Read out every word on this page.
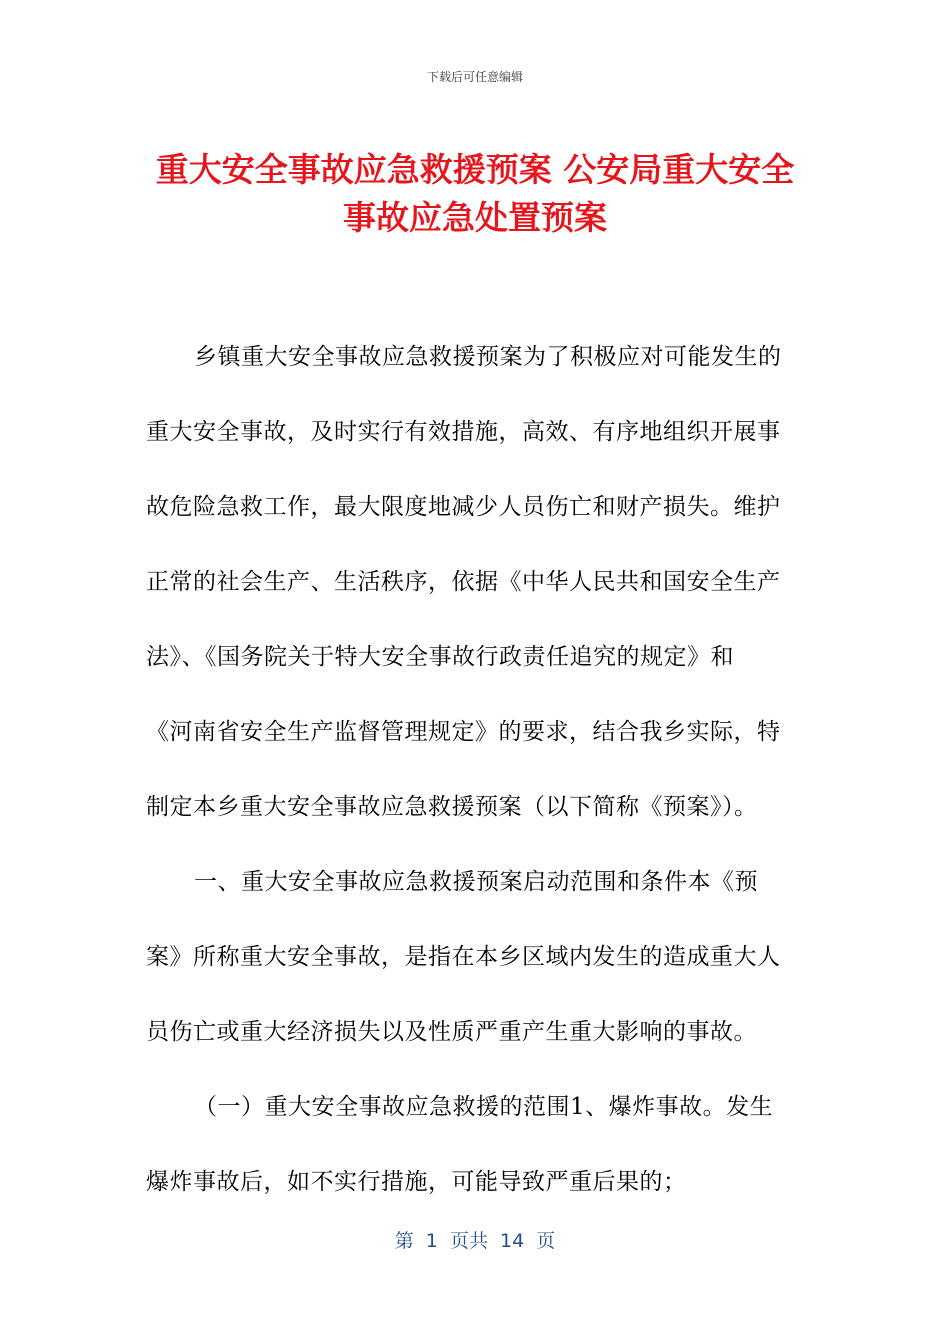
下载后可任意编辑
重大安全事故应急救援预案 公安局重大安全
事故应急处置预案
乡镇重大安全事故应急救援预案为了积极应对可能发生的
重大安全事故，及时实行有效措施，高效、有序地组织开展事
故危险急救工作，最大限度地减少人员伤亡和财产损失。维护
正常的社会生产、生活秩序，依据《中华人民共和国安全生产
法》、《国务院关于特大安全事故行政责任追究的规定》和
《河南省安全生产监督管理规定》的要求，结合我乡实际，特
制定本乡重大安全事故应急救援预案（以下简称《预案》）。
一、重大安全事故应急救援预案启动范围和条件本《预
案》所称重大安全事故，是指在本乡区域内发生的造成重大人
员伤亡或重大经济损失以及性质严重产生重大影响的事故。
（一）重大安全事故应急救援的范围1、爆炸事故。发生
爆炸事故后，如不实行措施，可能导致严重后果的；
第  1  页共  14  页
